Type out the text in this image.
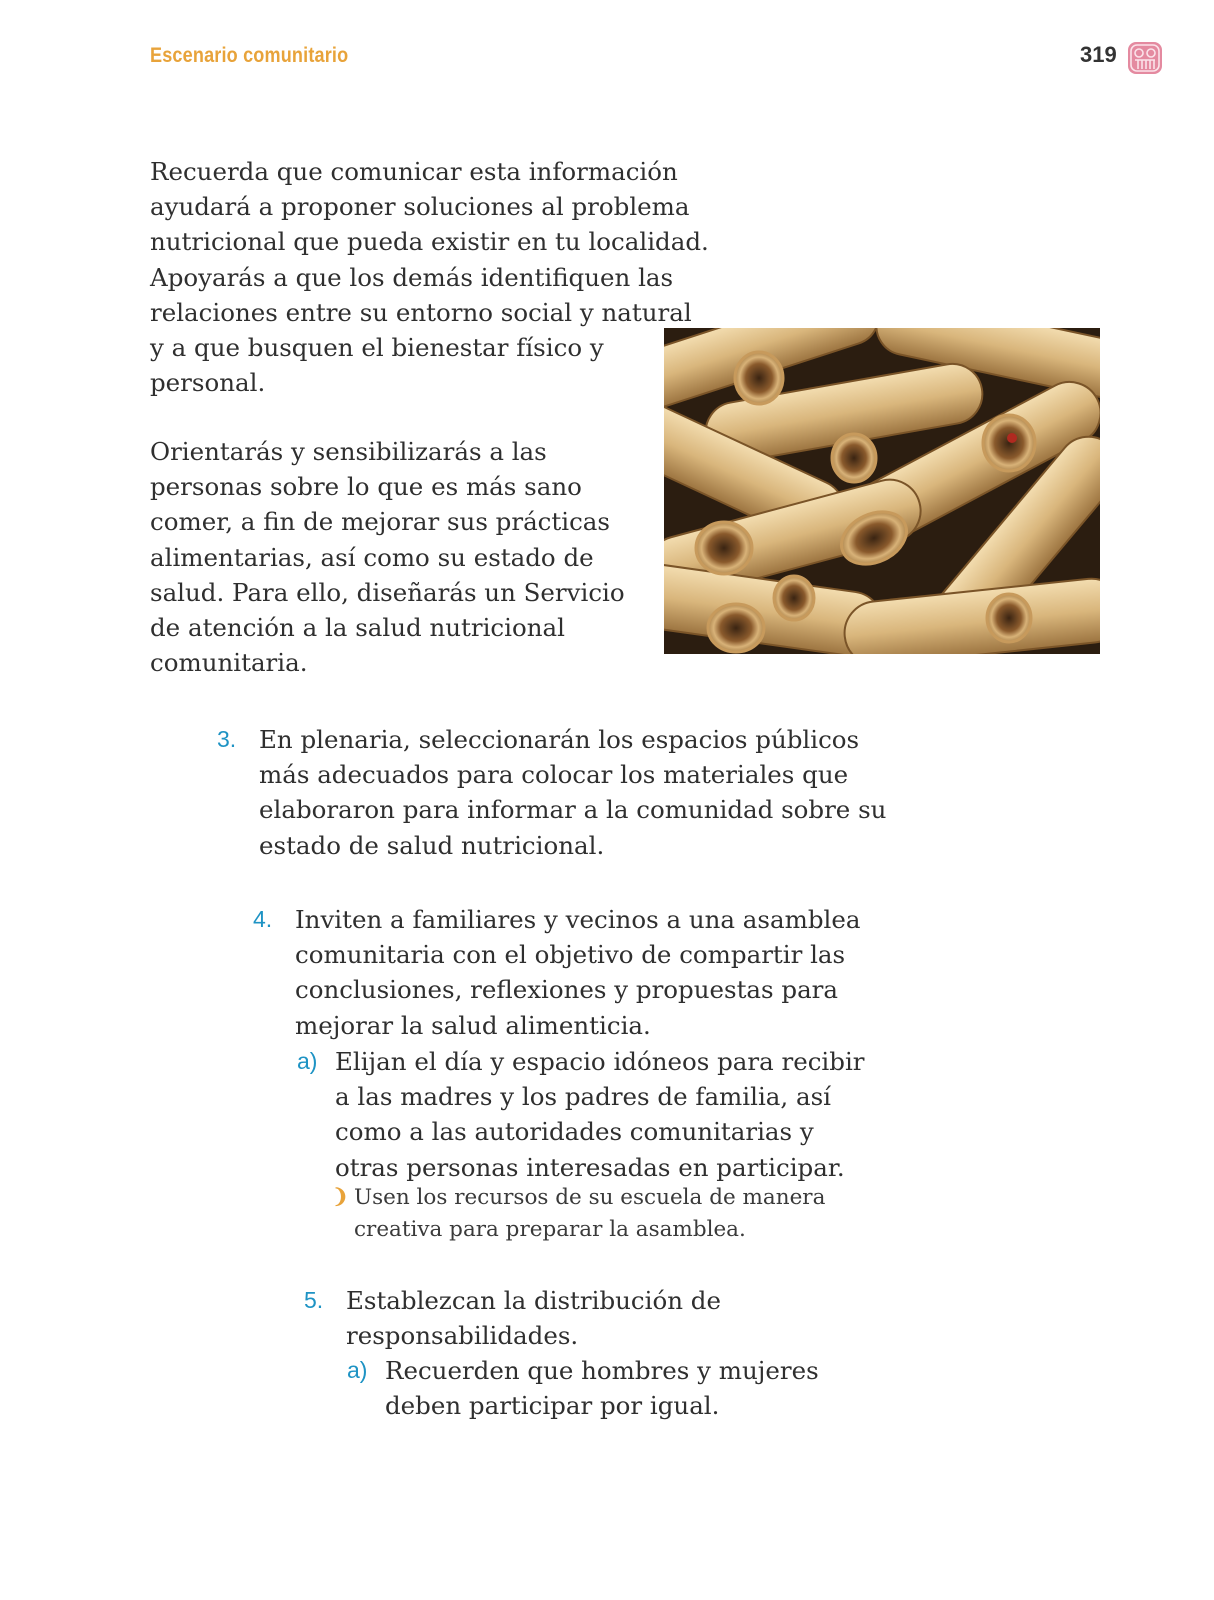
Escenario comunitario	319

Recuerda que comunicar esta información ayudará a proponer soluciones al problema nutricional que pueda existir en tu localidad. Apoyarás a que los demás identifiquen las relaciones entre su entorno social y natural y a que busquen el bienestar físico y personal.

Orientarás y sensibilizarás a las personas sobre lo que es más sano comer, a fin de mejorar sus prácticas alimentarias, así como su estado de salud. Para ello, diseñarás un Servicio de atención a la salud nutricional comunitaria.

3. En plenaria, seleccionarán los espacios públicos más adecuados para colocar los materiales que elaboraron para informar a la comunidad sobre su estado de salud nutricional.
4. Inviten a familiares y vecinos a una asamblea comunitaria con el objetivo de compartir las conclusiones, reflexiones y propuestas para mejorar la salud alimenticia.
a) Elijan el día y espacio idóneos para recibir a las madres y los padres de familia, así como a las autoridades comunitarias y otras personas interesadas en participar.
❩ Usen los recursos de su escuela de manera creativa para preparar la asamblea.
5. Establezcan la distribución de responsabilidades.
a) Recuerden que hombres y mujeres deben participar por igual.
